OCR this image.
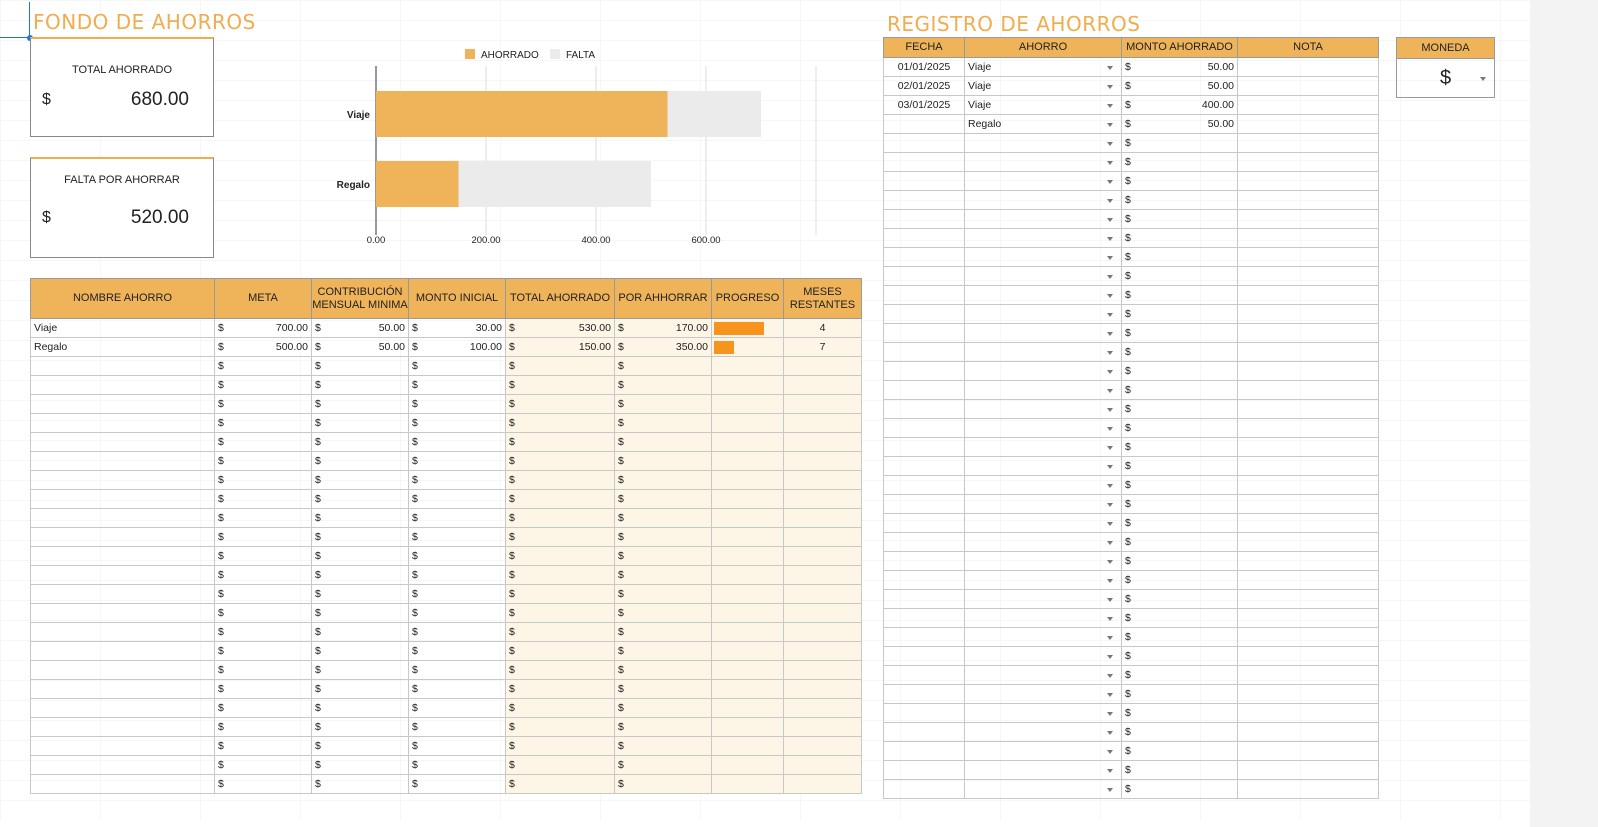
FONDO DE AHORROS	REGISTRO DE AHORROS
TOTAL AHORRADO
$	680.00
FALTA POR AHORRAR
$	520.00
Viaje
Regalo
0.00	200.00	400.00	600.00
AHORRADO	FALTA
NOMBRE AHORRO	META	CONTRIBUCIÓN MENSUAL MINIMA	MONTO INICIAL	TOTAL AHORRADO	POR AHHORRAR	PROGRESO	MESES RESTANTES
Viaje	$ 700.00	$ 50.00	$ 30.00	$ 530.00	$ 170.00		4
Regalo	$ 500.00	$ 50.00	$ 100.00	$ 150.00	$ 350.00		7

	$	$	$	$	$		

	$	$	$	$	$		

	$	$	$	$	$		

	$	$	$	$	$		

	$	$	$	$	$		

	$	$	$	$	$		

	$	$	$	$	$		

	$	$	$	$	$		

	$	$	$	$	$		

	$	$	$	$	$		

	$	$	$	$	$		

	$	$	$	$	$		

	$	$	$	$	$		

	$	$	$	$	$		

	$	$	$	$	$		

	$	$	$	$	$		

	$	$	$	$	$		

	$	$	$	$	$		

	$	$	$	$	$		

	$	$	$	$	$		

	$	$	$	$	$		

	$	$	$	$	$		

	$	$	$	$	$		

FECHA	AHORRO	MONTO AHORRADO	NOTA
01/01/2025	Viaje	$ 50.00	

02/01/2025	Viaje	$ 50.00	

03/01/2025	Viaje	$ 400.00	

	Regalo	$ 50.00	

		$	

		$	

		$	

		$	

		$	

		$	

		$	

		$	

		$	

		$	

		$	

		$	

		$	

		$	

		$	

		$	

		$	

		$	

		$	

		$	

		$	

		$	

		$	

		$	

		$	

		$	

		$	

		$	

		$	

		$	

		$	

		$	

		$	

		$	

		$	

MONEDA
$
